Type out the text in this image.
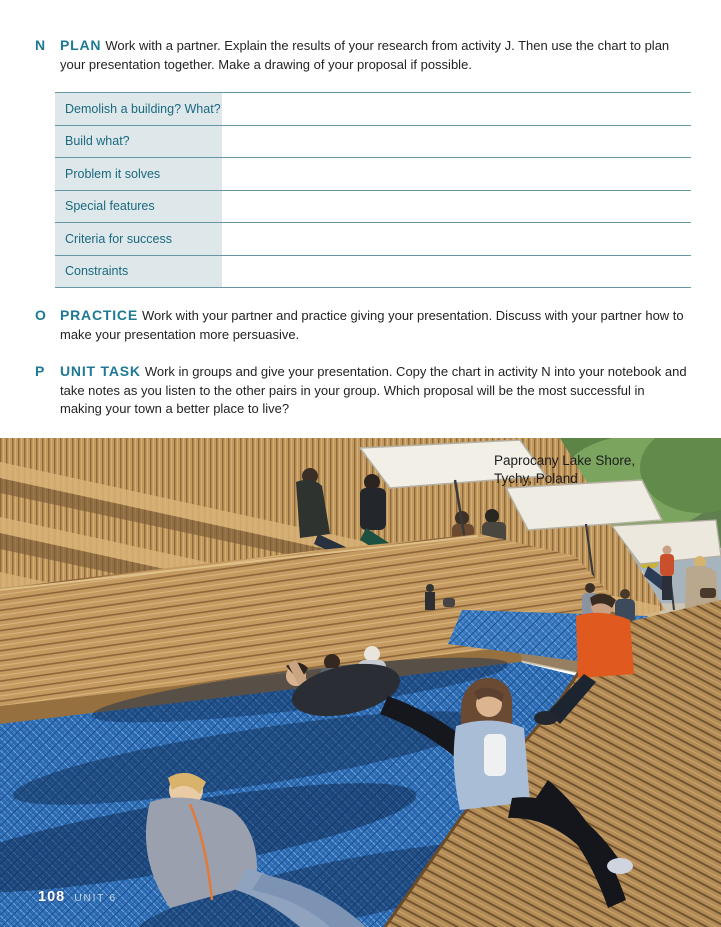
N	PLAN Work with a partner. Explain the results of your research from activity J. Then use the chart to plan your presentation together. Make a drawing of your proposal if possible.
Demolish a building? What?	
Build what?	
Problem it solves	
Special features	
Criteria for success	
Constraints	
O	PRACTICE Work with your partner and practice giving your presentation. Discuss with your partner how to make your presentation more persuasive.
P	UNIT TASK Work in groups and give your presentation. Copy the chart in activity N into your notebook and take notes as you listen to the other pairs in your group. Which proposal will be the most successful in making your town a better place to live?
Paprocany Lake Shore,
Tychy, Poland
108 UNIT 6
